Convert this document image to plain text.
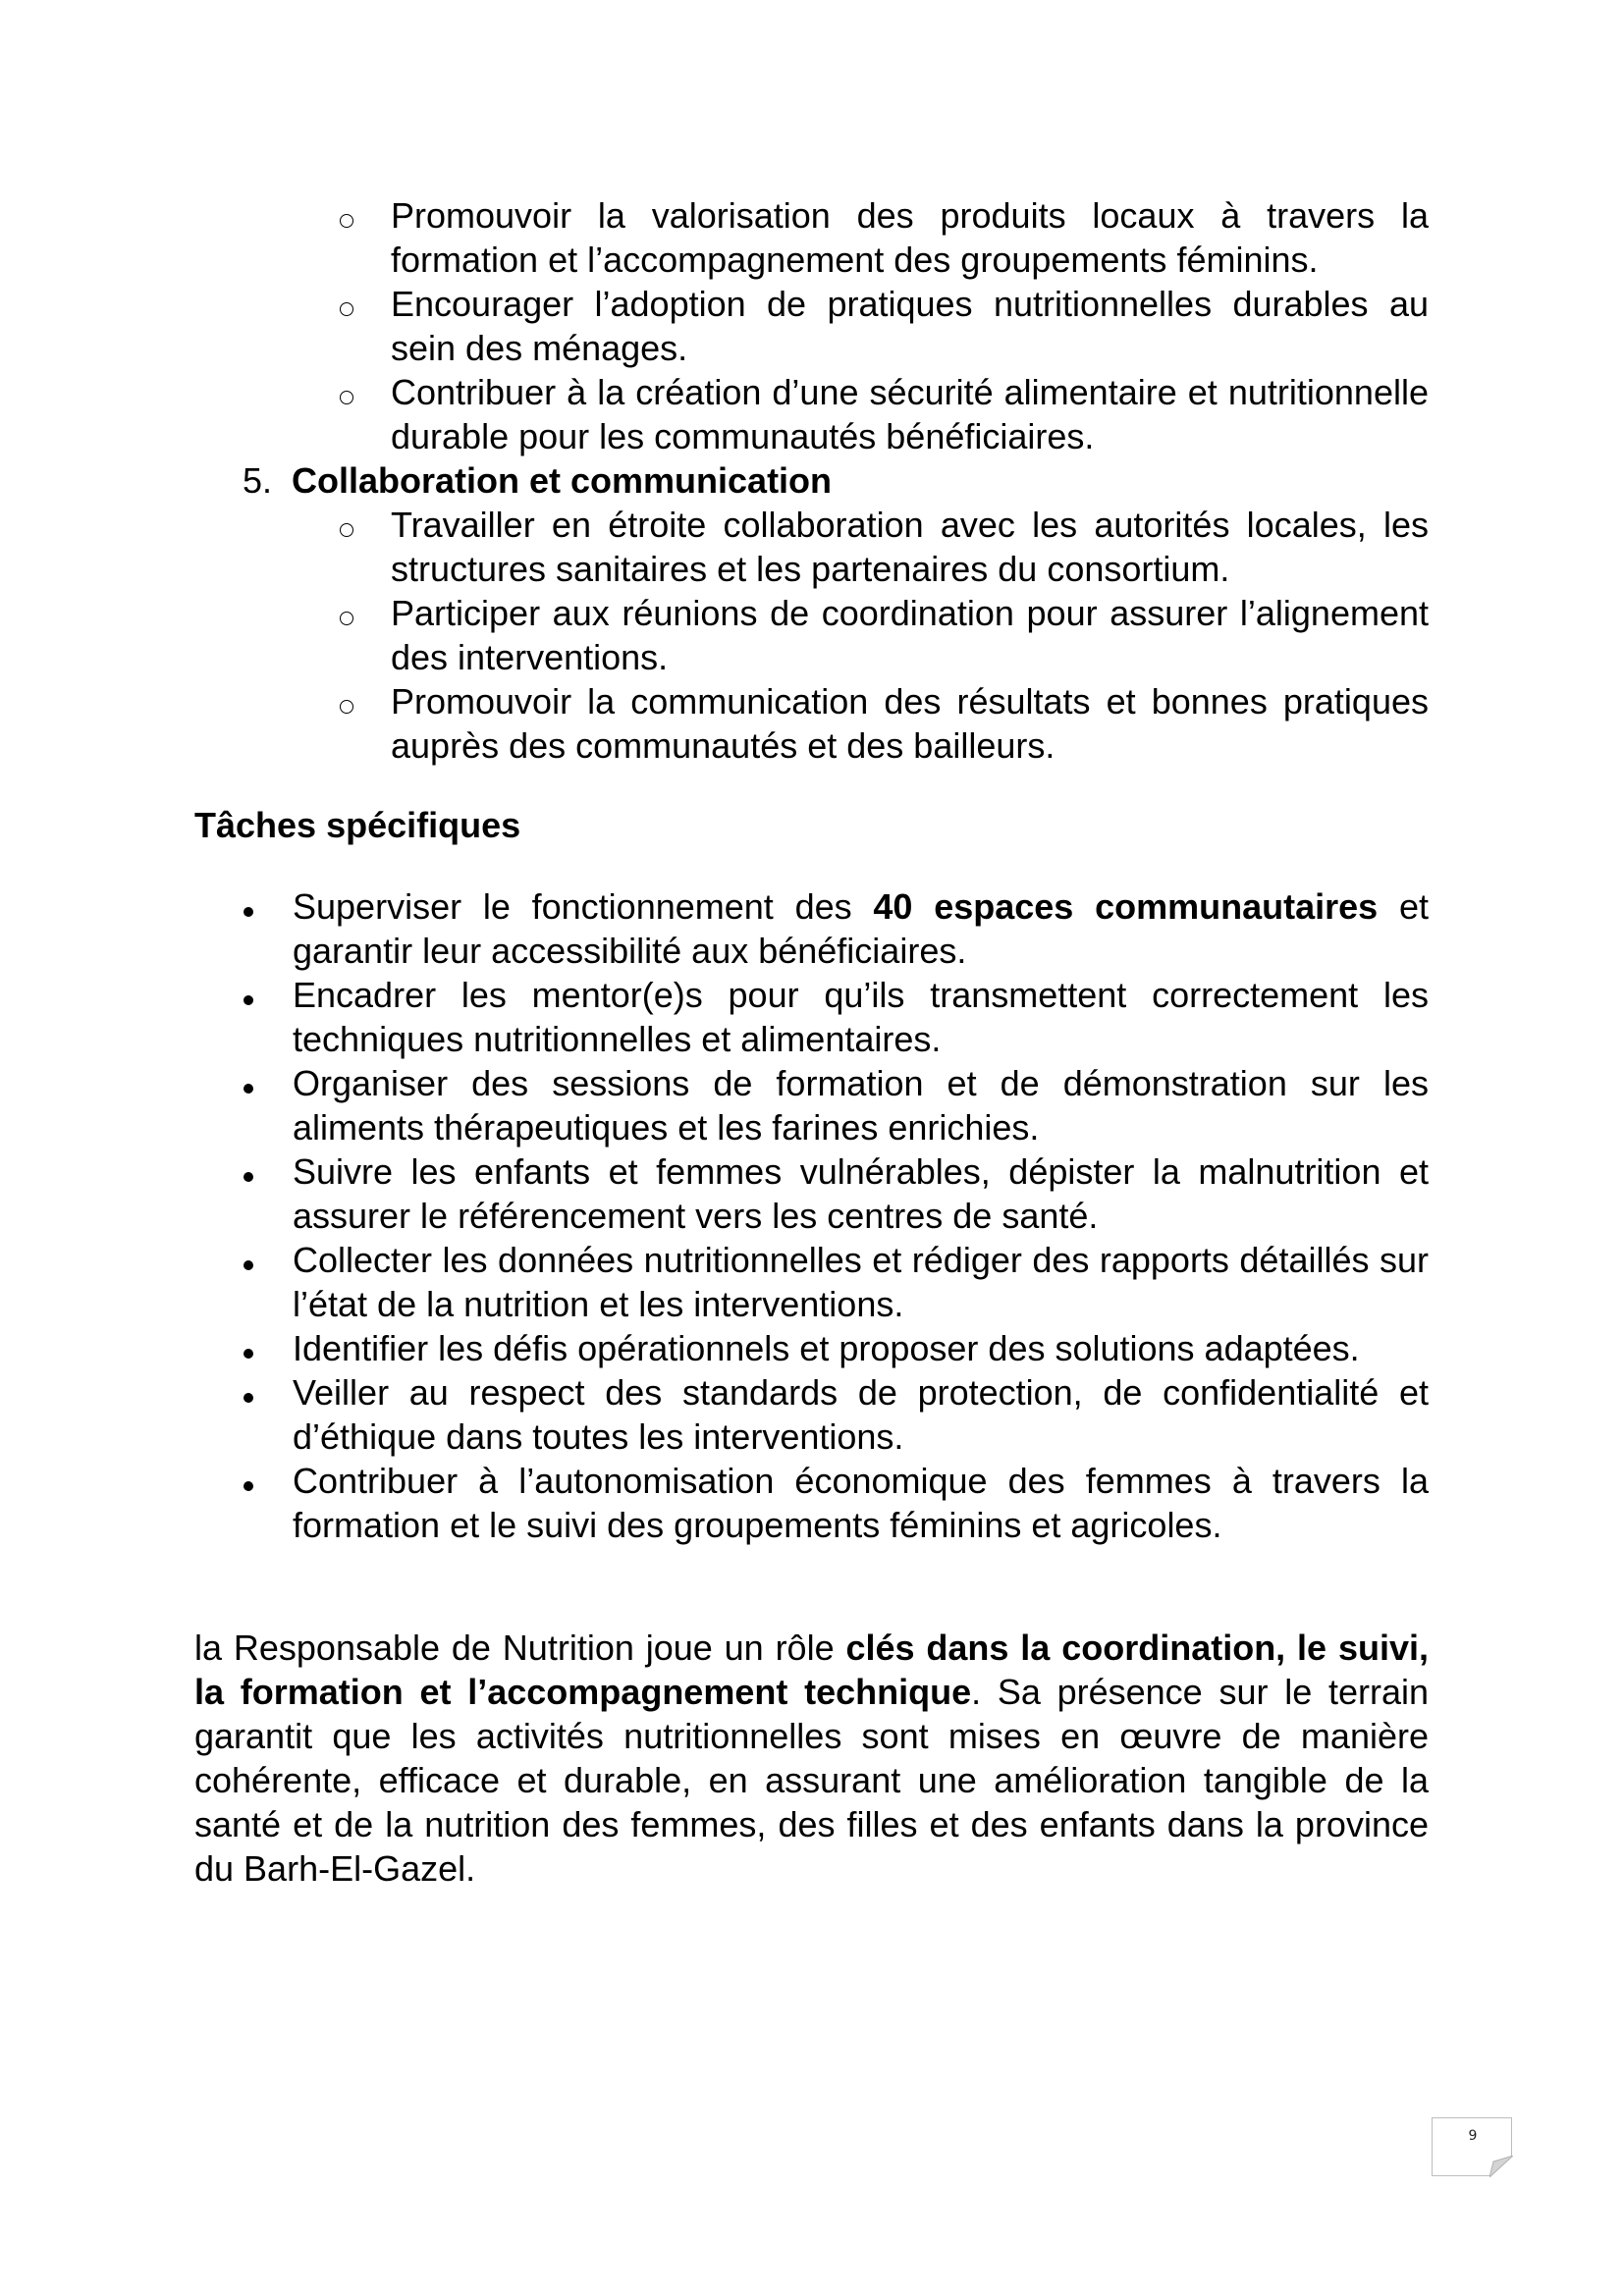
Promouvoir la valorisation des produits locaux à travers la formation et l’accompagnement des groupements féminins.
Encourager l’adoption de pratiques nutritionnelles durables au sein des ménages.
Contribuer à la création d’une sécurité alimentaire et nutritionnelle durable pour les communautés bénéficiaires.
5. Collaboration et communication
Travailler en étroite collaboration avec les autorités locales, les structures sanitaires et les partenaires du consortium.
Participer aux réunions de coordination pour assurer l’alignement des interventions.
Promouvoir la communication des résultats et bonnes pratiques auprès des communautés et des bailleurs.
Tâches spécifiques
Superviser le fonctionnement des 40 espaces communautaires et garantir leur accessibilité aux bénéficiaires.
Encadrer les mentor(e)s pour qu’ils transmettent correctement les techniques nutritionnelles et alimentaires.
Organiser des sessions de formation et de démonstration sur les aliments thérapeutiques et les farines enrichies.
Suivre les enfants et femmes vulnérables, dépister la malnutrition et assurer le référencement vers les centres de santé.
Collecter les données nutritionnelles et rédiger des rapports détaillés sur l’état de la nutrition et les interventions.
Identifier les défis opérationnels et proposer des solutions adaptées.
Veiller au respect des standards de protection, de confidentialité et d’éthique dans toutes les interventions.
Contribuer à l’autonomisation économique des femmes à travers la formation et le suivi des groupements féminins et agricoles.
la Responsable de Nutrition joue un rôle clés dans la coordination, le suivi, la formation et l’accompagnement technique. Sa présence sur le terrain garantit que les activités nutritionnelles sont mises en œuvre de manière cohérente, efficace et durable, en assurant une amélioration tangible de la santé et de la nutrition des femmes, des filles et des enfants dans la province du Barh-El-Gazel.
9
